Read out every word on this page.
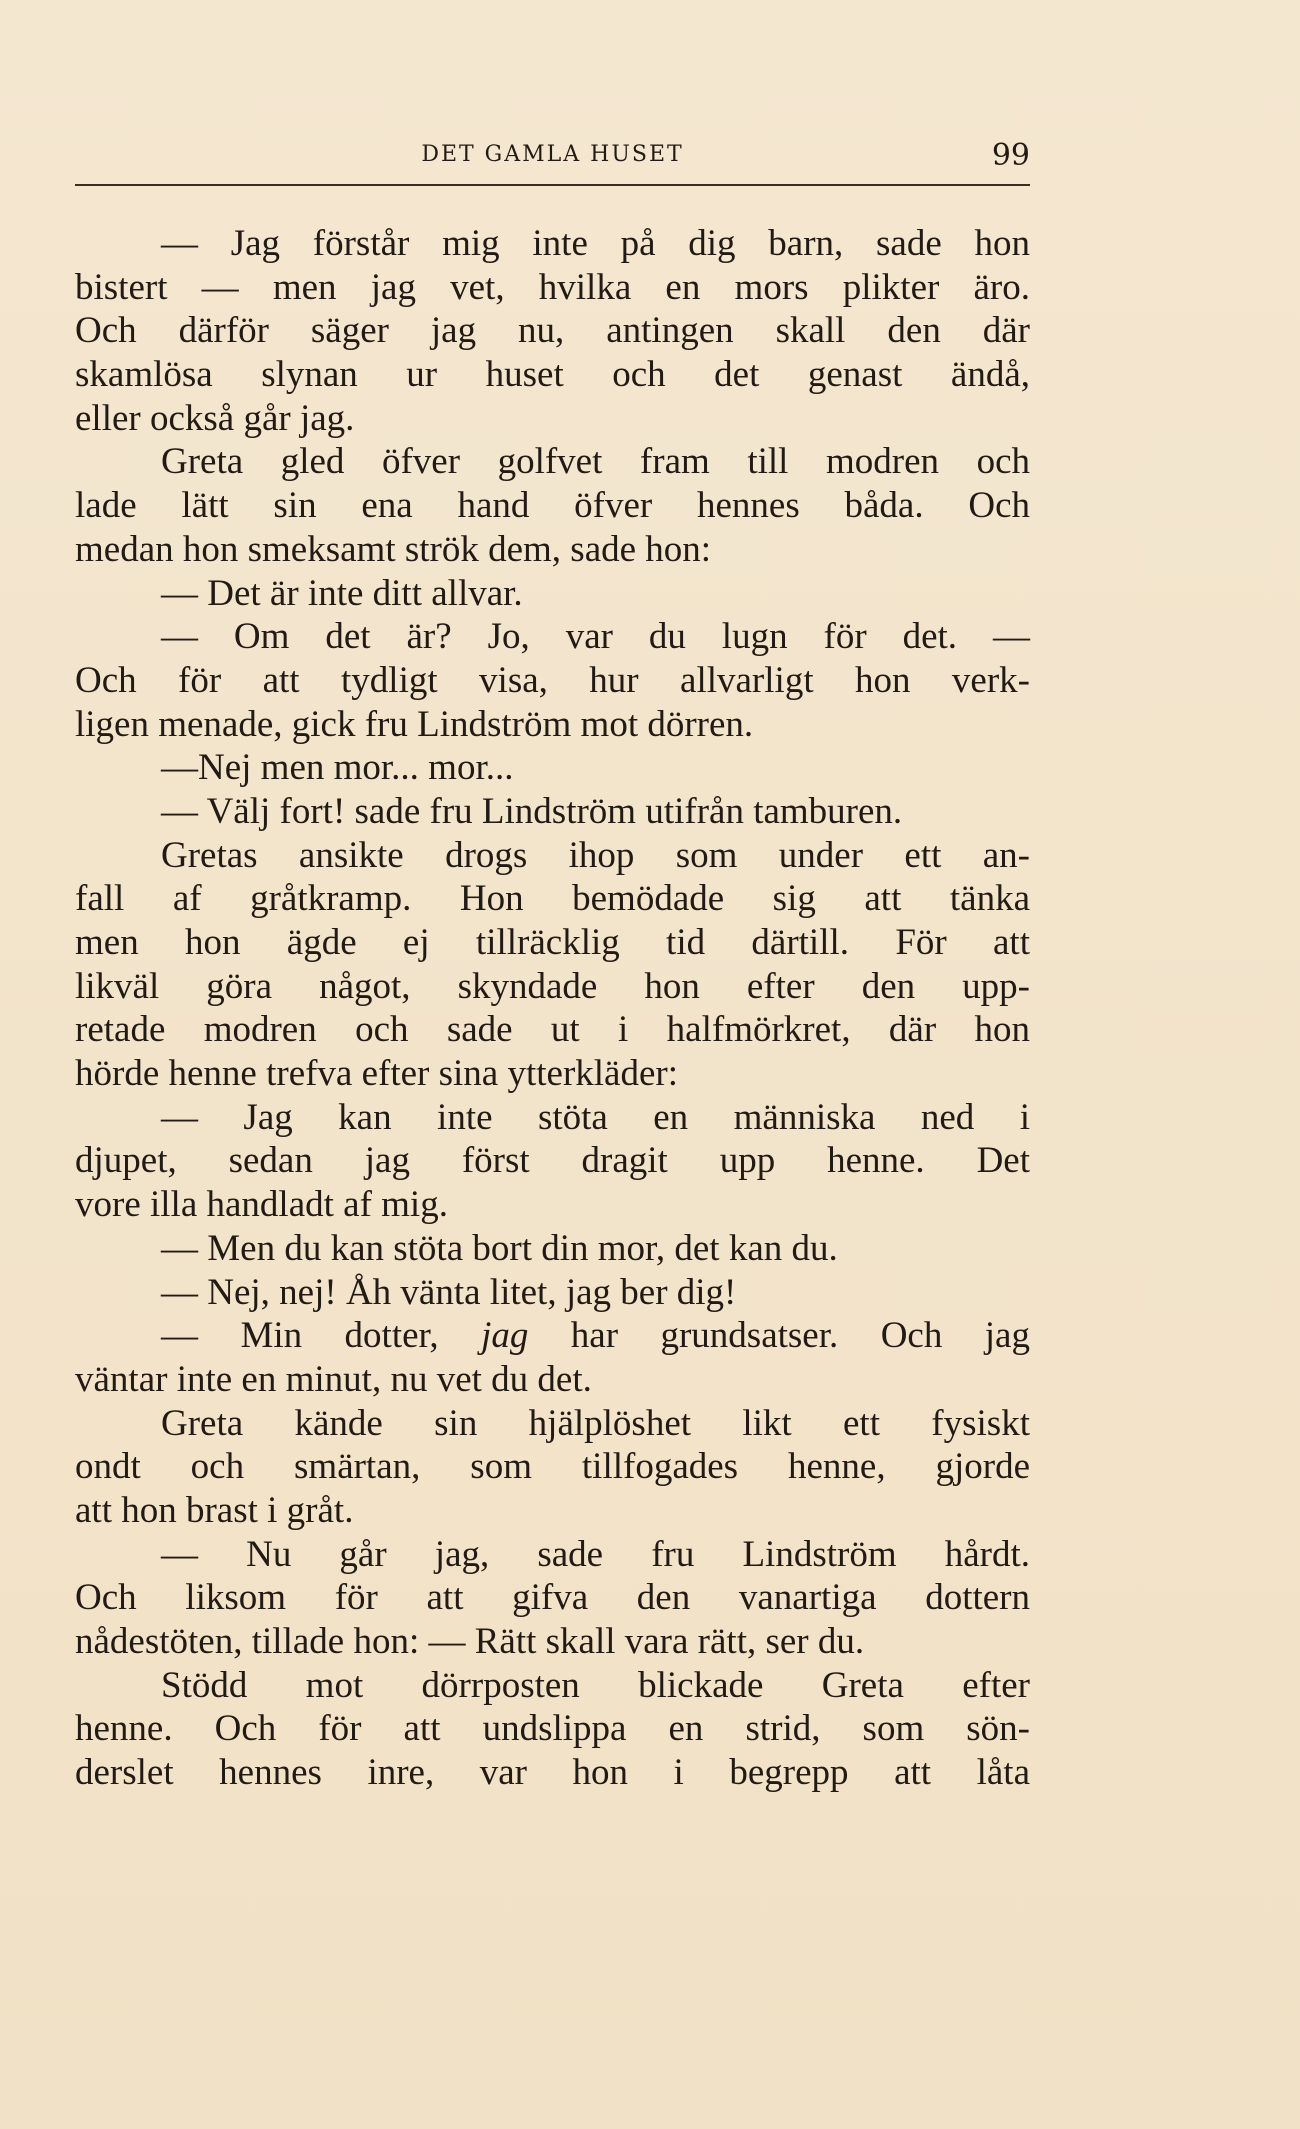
DET GAMLA HUSET	99
— Jag förstår mig inte på dig barn, sade hon
bistert — men jag vet, hvilka en mors plikter äro.
Och därför säger jag nu, antingen skall den där
skamlösa slynan ur huset och det genast ändå,
eller också går jag.
Greta gled öfver golfvet fram till modren och
lade lätt sin ena hand öfver hennes båda. Och
medan hon smeksamt strök dem, sade hon:
— Det är inte ditt allvar.
— Om det är? Jo, var du lugn för det. —
Och för att tydligt visa, hur allvarligt hon verk-
ligen menade, gick fru Lindström mot dörren.
—Nej men mor... mor...
— Välj fort! sade fru Lindström utifrån tamburen.
Gretas ansikte drogs ihop som under ett an-
fall af gråtkramp. Hon bemödade sig att tänka
men hon ägde ej tillräcklig tid därtill. För att
likväl göra något, skyndade hon efter den upp-
retade modren och sade ut i halfmörkret, där hon
hörde henne trefva efter sina ytterkläder:
— Jag kan inte stöta en människa ned i
djupet, sedan jag först dragit upp henne. Det
vore illa handladt af mig.
— Men du kan stöta bort din mor, det kan du.
— Nej, nej! Åh vänta litet, jag ber dig!
— Min dotter, jag har grundsatser. Och jag
väntar inte en minut, nu vet du det.
Greta kände sin hjälplöshet likt ett fysiskt
ondt och smärtan, som tillfogades henne, gjorde
att hon brast i gråt.
— Nu går jag, sade fru Lindström hårdt.
Och liksom för att gifva den vanartiga dottern
nådestöten, tillade hon: — Rätt skall vara rätt, ser du.
Stödd mot dörrposten blickade Greta efter
henne. Och för att undslippa en strid, som sön-
derslet hennes inre, var hon i begrepp att låta
